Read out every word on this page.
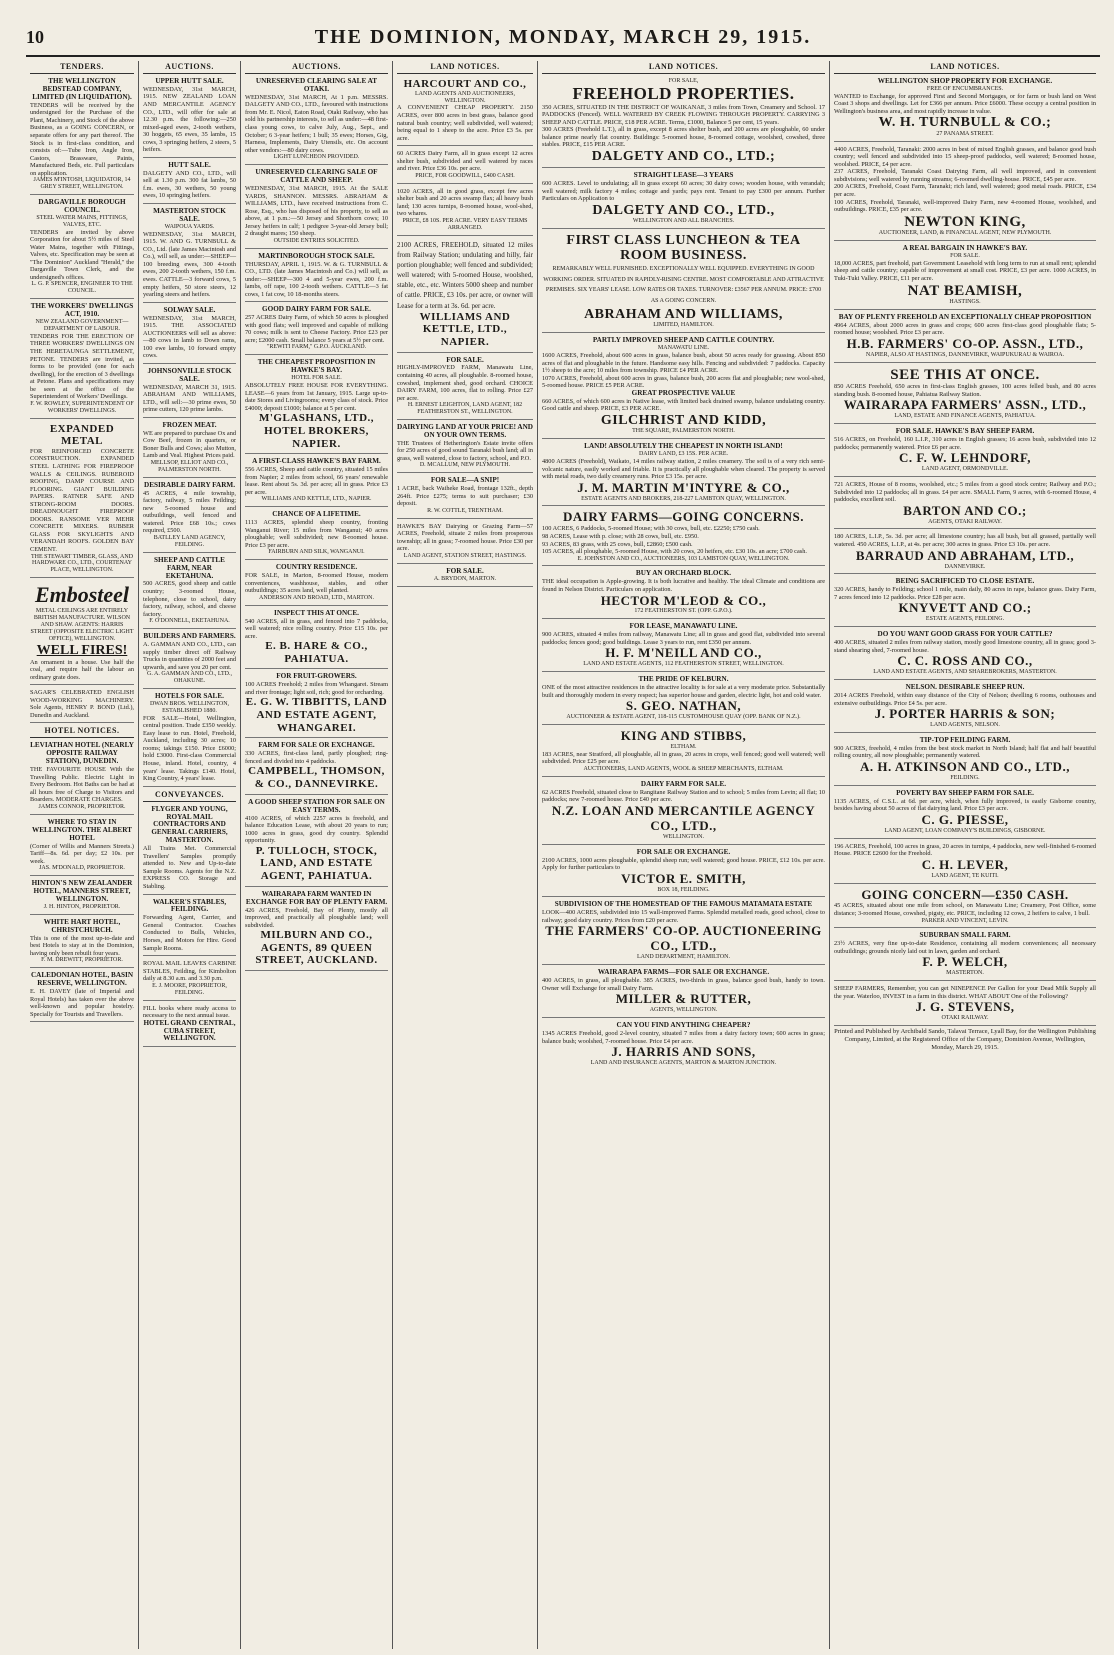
10	THE DOMINION, MONDAY, MARCH 29, 1915.
TENDERS.
THE WELLINGTON BEDSTEAD COMPANY, LIMITED (IN LIQUIDATION).
TENDERS will be received by the undersigned for the Purchase of the Plant, Machinery, and Stock of the above Business, as a GOING CONCERN, or separate offers for any part thereof. The Stock is in first-class condition, and consists of:—Tube Iron, Angle Iron, Castors, Brassware, Paints, Manufactured Beds, etc. Full particulars on application.
JAMES M'INTOSH, LIQUIDATOR, 14 GREY STREET, WELLINGTON.
DARGAVILLE BOROUGH COUNCIL.
STEEL WATER MAINS, FITTINGS, VALVES, ETC.
TENDERS are invited by above Corporation for about 5½ miles of Steel Water Mains, together with Fittings, Valves, etc. Specification may be seen at "The Dominion" Auckland "Herald," the Dargaville Town Clerk, and the undersigned's offices.
L. G. P. SPENCER, ENGINEER TO THE COUNCIL.
THE WORKERS' DWELLINGS ACT, 1910.
NEW ZEALAND GOVERNMENT—DEPARTMENT OF LABOUR.
TENDERS FOR THE ERECTION OF THREE WORKERS' DWELLINGS ON THE HERETAUNGA SETTLEMENT, PETONE. TENDERS are invited, as forms to be provided (one for each dwelling), for the erection of 3 dwellings at Petone. Plans and specifications may be seen at the office of the Superintendent of Workers' Dwellings.
F. W. ROWLEY, SUPERINTENDENT OF WORKERS' DWELLINGS.
EXPANDED METAL
FOR REINFORCED CONCRETE CONSTRUCTION. EXPANDED STEEL LATHING FOR FIREPROOF WALLS & CEILINGS. RUBEROID ROOFING, DAMP COURSE AND FLOORING. GIANT BUILDING PAPERS. RATNER SAFE AND STRONG-ROOM DOORS. DREADNOUGHT FIREPROOF DOORS. RANSOME VER MEHR CONCRETE MIXERS. RUBBER GLASS FOR SKYLIGHTS AND VERANDAH ROOFS. GOLDEN BAY CEMENT.
THE STEWART TIMBER, GLASS, AND HARDWARE CO., LTD., COURTENAY PLACE, WELLINGTON.
Embosteel
METAL CEILINGS ARE ENTIRELY BRITISH MANUFACTURE. WILSON AND SHAW. AGENTS: HARRIS STREET (OPPOSITE ELECTRIC LIGHT OFFICE), WELLINGTON.
WELL FIRES!
An ornament in a house. Use half the coal, and require half the labour an ordinary grate does.
SAGAR'S CELEBRATED ENGLISH WOOD-WORKING MACHINERY. Sole Agents, HENRY P. BOND (Ltd.), Dunedin and Auckland.
HOTEL NOTICES.
LEVIATHAN HOTEL (NEARLY OPPOSITE RAILWAY STATION), DUNEDIN.
THE FAVOURITE HOUSE With the Travelling Public. Electric Light in Every Bedroom. Hot Baths can be had at all hours free of Charge to Visitors and Boarders. MODERATE CHARGES.
JAMES CONNOR, PROPRIETOR.
WHERE TO STAY IN WELLINGTON. THE ALBERT HOTEL
(Corner of Willis and Manners Streets.) Tariff—8s. 6d. per day; £2 10s. per week.
JAS. M'DONALD, PROPRIETOR.
HINTON'S NEW ZEALANDER HOTEL, MANNERS STREET, WELLINGTON.
J. H. HINTON, PROPRIETOR.
WHITE HART HOTEL, CHRISTCHURCH.
This is one of the most up-to-date and best Hotels to stay at in the Dominion, having only been rebuilt four years.
F. M. DREWITT, PROPRIETOR.
CALEDONIAN HOTEL, BASIN RESERVE, WELLINGTON.
E. H. DAVEY (late of Imperial and Royal Hotels) has taken over the above well-known and popular hostelry. Specially for Tourists and Travellers.
AUCTIONS.
UPPER HUTT SALE.
WEDNESDAY, 31st MARCH, 1915. NEW ZEALAND LOAN AND MERCANTILE AGENCY CO., LTD., will offer for sale at 12.30 p.m. the following:—250 mixed-aged ewes, 2-tooth wethers, 30 hoggets, 65 ewes, 35 lambs, 15 cows, 3 springing heifers, 2 steers, 5 heifers.
HUTT SALE.
DALGETY AND CO., LTD., will sell at 1.30 p.m. 300 fat lambs, 50 f.m. ewes, 30 wethers, 50 young ewes, 10 springing heifers.
MASTERTON STOCK SALE.
WAIPOUA YARDS.
WEDNESDAY, 31st MARCH, 1915. W. AND G. TURNBULL & CO., Ltd. (late James Macintosh and Co.), will sell, as under:—SHEEP—100 breeding ewes, 300 4-tooth ewes, 200 2-tooth wethers, 150 f.m. ewes. CATTLE—3 forward cows, 5 empty heifers, 50 store steers, 12 yearling steers and heifers.
SOLWAY SALE.
WEDNESDAY, 31st MARCH, 1915. THE ASSOCIATED AUCTIONEERS will sell as above:—80 cows in lamb to Down rams, 100 ewe lambs, 10 forward empty cows.
JOHNSONVILLE STOCK SALE.
WEDNESDAY, MARCH 31, 1915. ABRAHAM AND WILLIAMS, LTD., will sell:—30 prime ewes, 50 prime cutters, 120 prime lambs.
FROZEN MEAT.
WE are prepared to purchase Ox and Cow Beef, frozen in quarters, or Boner Bulls and Cows; also Mutton, Lamb and Veal. Highest Prices paid.
MELLSOP, ELLIOT AND CO., PALMERSTON NORTH.
DESIRABLE DAIRY FARM.
45 ACRES, 4 mile township, factory, railway, 5 miles Feilding; new 5-roomed house and outbuildings, well fenced and watered. Price £68 10s.; cows required, £500.
BATLLEY LAND AGENCY, FEILDING.
SHEEP AND CATTLE FARM, NEAR EKETAHUNA.
500 ACRES, good sheep and cattle country; 3-roomed House, telephone, close to school, dairy factory, railway, school, and cheese factory.
F. O'DONNELL, EKETAHUNA.
BUILDERS AND FARMERS.
A. GAMMAN AND CO., LTD., can supply timber direct off Railway Trucks in quantities of 2000 feet and upwards, and save you 20 per cent.
G. A. GAMMAN AND CO., LTD., OHAKUNE.
HOTELS FOR SALE.
DWAN BROS. WELLINGTON, ESTABLISHED 1880.
FOR SALE—Hotel, Wellington, central position. Trade £350 weekly. Easy lease to run. Hotel, Freehold, Auckland, including 30 acres; 10 rooms; takings £150. Price £6000; hold £3000. First-class Commercial House, inland. Hotel, country, 4 years' lease. Takings £140. Hotel, King Country, 4 years' lease.
CONVEYANCES.
FLYGER AND YOUNG, ROYAL MAIL CONTRACTORS AND GENERAL CARRIERS, MASTERTON.
All Trains Met. Commercial Travellers' Samples promptly attended to. New and Up-to-date Sample Rooms. Agents for the N.Z. EXPRESS CO. Storage and Stabling.
WALKER'S STABLES, FEILDING.
Forwarding Agent, Carrier, and General Contractor. Coaches Conducted to Bulls, Vehicles, Horses, and Motors for Hire. Good Sample Rooms.
ROYAL MAIL LEAVES CARBINE STABLES, Feilding, for Kimbolton daily at 8.30 a.m. and 3.30 p.m.
E. J. MOORE, PROPRIETOR, FEILDING.
FILL books where ready access to necessary to the next annual issue.
HOTEL GRAND CENTRAL, CUBA STREET, WELLINGTON.
AUCTIONS.
UNRESERVED CLEARING SALE AT OTAKI.
WEDNESDAY, 31st MARCH, At 1 p.m. MESSRS. DALGETY AND CO., LTD., favoured with instructions from Mr. E. Nicol, Eaton Road, Otaki Railway, who has sold his partnership interests, to sell as under:—48 first-class young cows, to calve July, Aug., Sept., and October; 6 3-year heifers; 1 bull; 35 ewes; Horses, Gig, Harness, Implements, Dairy Utensils, etc. On account other vendors:—80 dairy cows.
LIGHT LUNCHEON PROVIDED.
UNRESERVED CLEARING SALE OF CATTLE AND SHEEP.
WEDNESDAY, 31st MARCH, 1915. At the SALE YARDS, SHANNON. MESSRS. ABRAHAM & WILLIAMS, LTD., have received instructions from C. Rose, Esq., who has disposed of his property, to sell as above, at 1 p.m.:—50 Jersey and Shorthorn cows; 10 Jersey heifers in calf; 1 pedigree 3-year-old Jersey bull; 2 draught mares; 150 sheep.
OUTSIDE ENTRIES SOLICITED.
MARTINBOROUGH STOCK SALE.
THURSDAY, APRIL 1, 1915. W. & G. TURNBULL & CO., LTD. (late James Macintosh and Co.) will sell, as under:—SHEEP—300 4 and 5-year ewes, 200 f.m. lambs, off rape, 100 2-tooth wethers. CATTLE—3 fat cows, 1 fat cow, 10 18-months steers.
GOOD DAIRY FARM FOR SALE.
257 ACRES Dairy Farm, of which 50 acres is ploughed with good flats; well improved and capable of milking 70 cows; milk is sent to Cheese Factory. Price £23 per acre; £2000 cash. Small balance 5 years at 5½ per cent.
"REWITI FARM," G.P.O. AUCKLAND.
THE CHEAPEST PROPOSITION IN HAWKE'S BAY.
HOTEL FOR SALE.
ABSOLUTELY FREE HOUSE FOR EVERYTHING. LEASE—6 years from 1st January, 1915. Large up-to-date Stores and Livingrooms; every class of stock. Price £4000; deposit £1000; balance at 5 per cent.
M'GLASHANS, LTD., HOTEL BROKERS, NAPIER.
A FIRST-CLASS HAWKE'S BAY FARM.
556 ACRES, Sheep and cattle country, situated 15 miles from Napier; 2 miles from school, 66 years' renewable lease. Rent about 5s. 3d. per acre; all in grass. Price £3 per acre.
WILLIAMS AND KETTLE, LTD., NAPIER.
CHANCE OF A LIFETIME.
1113 ACRES, splendid sheep country, fronting Wanganui River; 15 miles from Wanganui; 40 acres ploughable; well subdivided; new 8-roomed house. Price £3 per acre.
FAIRBURN AND SILK, WANGANUI.
COUNTRY RESIDENCE.
FOR SALE, in Marton, 8-roomed House, modern conveniences, washhouse, stables, and other outbuildings; 35 acres land, well planted.
ANDERSON AND BROAD, LTD., MARTON.
INSPECT THIS AT ONCE.
540 ACRES, all in grass, and fenced into 7 paddocks, well watered; nice rolling country. Price £15 10s. per acre.
E. B. HARE & CO., PAHIATUA.
FOR FRUIT-GROWERS.
100 ACRES Freehold; 2 miles from Whangarei. Stream and river frontage; light soil, rich; good for orcharding.
E. G. W. TIBBITTS, LAND AND ESTATE AGENT, WHANGAREI.
FARM FOR SALE OR EXCHANGE.
330 ACRES, first-class land, partly ploughed; ring-fenced and divided into 4 paddocks.
CAMPBELL, THOMSON, & CO., DANNEVIRKE.
A GOOD SHEEP STATION FOR SALE ON EASY TERMS.
4100 ACRES, of which 2257 acres is freehold, and balance Education Lease, with about 20 years to run; 1000 acres in grass, good dry country. Splendid opportunity.
P. TULLOCH, STOCK, LAND, AND ESTATE AGENT, PAHIATUA.
WAIRARAPA FARM WANTED IN EXCHANGE FOR BAY OF PLENTY FARM.
426 ACRES, Freehold, Bay of Plenty, mostly all improved, and practically all ploughable land; well subdivided.
MILBURN AND CO., AGENTS, 89 QUEEN STREET, AUCKLAND.
LAND NOTICES.
HARCOURT AND CO.,
LAND AGENTS AND AUCTIONEERS, WELLINGTON.
A CONVENIENT CHEAP PROPERTY. 2150 ACRES, over 800 acres in best grass, balance good natural bush country; well subdivided, well watered; being equal to 1 sheep to the acre. Price £3 5s. per acre.
60 ACRES Dairy Farm, all in grass except 12 acres shelter bush, subdivided and well watered by races and river. Price £36 10s. per acre.
PRICE, FOR GOODWILL, £400 CASH.
1020 ACRES, all in good grass, except few acres shelter bush and 20 acres swamp flax; all heavy bush land; 130 acres turnips, 8-roomed house, wool-shed, two whares.
PRICE, £8 10S. PER ACRE. VERY EASY TERMS ARRANGED.
2100 ACRES, FREEHOLD, situated 12 miles from Railway Station; undulating and hilly, fair portion ploughable; well fenced and subdivided; well watered; with 5-roomed House, woolshed, stable, etc., etc. Winters 5000 sheep and number of cattle. PRICE, £3 10s. per acre, or owner will Lease for a term at 3s. 6d. per acre.
WILLIAMS AND KETTLE, LTD., NAPIER.
FOR SALE.
HIGHLY-IMPROVED FARM, Manawatu Line, containing 40 acres, all ploughable. 8-roomed house, cowshed, implement shed, good orchard. CHOICE DAIRY FARM, 100 acres, flat to rolling. Price £27 per acre.
H. ERNEST LEIGHTON, LAND AGENT, 182 FEATHERSTON ST., WELLINGTON.
DAIRYING LAND AT YOUR PRICE! AND ON YOUR OWN TERMS.
THE Trustees of Hetherington's Estate invite offers for 250 acres of good sound Taranaki bush land; all in grass, well watered, close to factory, school, and P.O.
D. MCALLUM, NEW PLYMOUTH.
FOR SALE—A SNIP!
1 ACRE, back Waiheke Road, frontage 132ft., depth 264ft. Price £275; terms to suit purchaser; £30 deposit.
R. W. COTTLE, TRENTHAM.
HAWKE'S BAY Dairying or Grazing Farm—57 ACRES, Freehold, situate 2 miles from prosperous township; all in grass; 7-roomed house. Price £30 per acre.
LAND AGENT, STATION STREET, HASTINGS.
FOR SALE.
A. BRYDON, MARTON.
LAND NOTICES.
FOR SALE,
FREEHOLD PROPERTIES.
350 ACRES, SITUATED IN THE DISTRICT OF WAIKANAE, 3 miles from Town, Creamery and School. 17 PADDOCKS (Fenced). WELL WATERED BY CREEK FLOWING THROUGH PROPERTY. CARRYING 3 SHEEP AND CATTLE. PRICE, £18 PER ACRE. Terms, £1000, Balance 5 per cent, 15 years.
300 ACRES (Freehold L.T.), all in grass, except 8 acres shelter bush, and 200 acres are ploughable, 60 under balance prime nearly flat country. Buildings: 5-roomed house, 8-roomed cottage, woolshed, cowshed, three stables. PRICE, £15 PER ACRE.
DALGETY AND CO., LTD.;
STRAIGHT LEASE—3 YEARS
600 ACRES. Level to undulating; all in grass except 60 acres; 30 dairy cows; wooden house, with verandah; well watered; milk factory 4 miles; cottage and yards; pays rent. Tenant to pay £300 per annum. Further Particulars on Application to
DALGETY AND CO., LTD.,
WELLINGTON AND ALL BRANCHES.
FIRST CLASS LUNCHEON & TEA ROOM BUSINESS.
REMARKABLY WELL FURNISHED. EXCEPTIONALLY WELL EQUIPPED. EVERYTHING IN GOOD WORKING ORDER. SITUATED IN RAPIDLY-RISING CENTRE. MOST COMFORTABLE AND ATTRACTIVE PREMISES. SIX YEARS' LEASE. LOW RATES OR TAXES. TURNOVER: £3567 PER ANNUM. PRICE: £700 AS A GOING CONCERN.
ABRAHAM AND WILLIAMS,
LIMITED, HAMILTON.
PARTLY IMPROVED SHEEP AND CATTLE COUNTRY.
MANAWATU LINE.
1600 ACRES, Freehold, about 600 acres in grass, balance bush, about 50 acres ready for grassing. About 850 acres of flat and ploughable in the future. Handsome easy hills. Fencing and subdivided: 7 paddocks. Capacity 1½ sheep to the acre; 10 miles from township. PRICE £4 PER ACRE.
1070 ACRES, Freehold, about 600 acres in grass, balance bush, 200 acres flat and ploughable; new wool-shed, 5-roomed house. PRICE £5 PER ACRE.
GREAT PROSPECTIVE VALUE
660 ACRES, of which 600 acres in Native lease, with limited back drained swamp, balance undulating country. Good cattle and sheep. PRICE, £3 PER ACRE.
GILCHRIST AND KIDD,
THE SQUARE, PALMERSTON NORTH.
LAND! ABSOLUTELY THE CHEAPEST IN NORTH ISLAND!
DAIRY LAND, £3 15S. PER ACRE.
4800 ACRES (Freehold), Waikato, 14 miles railway station, 2 miles creamery. The soil is of a very rich semi-volcanic nature, easily worked and friable. It is practically all ploughable when cleared. The property is served with metal roads, two daily creamery runs. Price £3 15s. per acre.
J. M. MARTIN M'INTYRE & CO.,
ESTATE AGENTS AND BROKERS, 218-227 LAMBTON QUAY, WELLINGTON.
DAIRY FARMS—GOING CONCERNS.
100 ACRES, 6 Paddocks, 5-roomed House; with 30 cows, bull, etc. £2250; £750 cash.
98 ACRES, Lease with p. close; with 28 cows, bull, etc. £950.
93 ACRES, 83 grass, with 25 cows, bull, £2860; £500 cash.
105 ACRES, all ploughable, 5-roomed House, with 20 cows, 20 heifers, etc. £30 10s. an acre; £700 cash.
E. JOHNSTON AND CO., AUCTIONEERS, 103 LAMBTON QUAY, WELLINGTON.
BUY AN ORCHARD BLOCK.
THE ideal occupation is Apple-growing. It is both lucrative and healthy. The ideal Climate and conditions are found in Nelson District. Particulars on application.
HECTOR M'LEOD & CO.,
172 FEATHERSTON ST. (OPP. G.P.O.).
FOR LEASE, MANAWATU LINE.
900 ACRES, situated 4 miles from railway, Manawatu Line; all in grass and good flat, subdivided into several paddocks; fences good; good buildings. Lease 3 years to run, rent £350 per annum.
H. F. M'NEILL AND CO.,
LAND AND ESTATE AGENTS, 112 FEATHERSTON STREET, WELLINGTON.
THE PRIDE OF KELBURN.
ONE of the most attractive residences in the attractive locality is for sale at a very moderate price. Substantially built and thoroughly modern in every respect; has superior house and garden, electric light, hot and cold water.
S. GEO. NATHAN,
AUCTIONEER & ESTATE AGENT, 118-115 CUSTOMHOUSE QUAY (OPP. BANK OF N.Z.).
KING AND STIBBS,
ELTHAM.
183 ACRES, near Stratford, all ploughable, all in grass, 20 acres in crops, well fenced; good well watered; well subdivided. Price £25 per acre.
AUCTIONEERS, LAND AGENTS, WOOL & SHEEP MERCHANTS, ELTHAM.
DAIRY FARM FOR SALE.
62 ACRES Freehold, situated close to Rangitane Railway Station and to school; 5 miles from Levin; all flat; 10 paddocks; new 7-roomed house. Price £40 per acre.
N.Z. LOAN AND MERCANTILE AGENCY CO., LTD.,
WELLINGTON.
FOR SALE OR EXCHANGE.
2100 ACRES, 1000 acres ploughable, splendid sheep run; well watered; good house. PRICE, £12 10s. per acre. Apply for further particulars to
VICTOR E. SMITH,
BOX 18, FEILDING.
SUBDIVISION OF THE HOMESTEAD OF THE FAMOUS MATAMATA ESTATE
LOOK—400 ACRES, subdivided into 15 wall-improved Farms. Splendid metalled roads, good school, close to railway; good dairy country. Prices from £20 per acre.
THE FARMERS' CO-OP. AUCTIONEERING CO., LTD.,
LAND DEPARTMENT, HAMILTON.
WAIRARAPA FARMS—FOR SALE OR EXCHANGE.
400 ACRES, in grass, all ploughable. 385 ACRES, two-thirds in grass, balance good bush, handy to town. Owner will Exchange for small Dairy Farm.
MILLER & RUTTER,
AGENTS, WELLINGTON.
CAN YOU FIND ANYTHING CHEAPER?
1345 ACRES Freehold, good 2-level country, situated 7 miles from a dairy factory town; 600 acres in grass; balance bush; woolshed, 7-roomed house. Price £4 per acre.
J. HARRIS AND SONS,
LAND AND INSURANCE AGENTS, MARTON & MARTON JUNCTION.
LAND NOTICES.
WELLINGTON SHOP PROPERTY FOR EXCHANGE.
FREE OF ENCUMBRANCES.
WANTED to Exchange, for approved First and Second Mortgages, or for farm or bush land on West Coast 3 shops and dwellings. Let for £366 per annum. Price £6000. These occupy a central position in Wellington's business area, and most rapidly increase in value.
W. H. TURNBULL & CO.;
27 PANAMA STREET.
4400 ACRES, Freehold, Taranaki: 2000 acres in best of mixed English grasses, and balance good bush country; well fenced and subdivided into 15 sheep-proof paddocks, well watered; 8-roomed house, woolshed. PRICE, £4 per acre.
237 ACRES, Freehold, Taranaki Coast Dairying Farm, all well improved, and in convenient subdivisions; well watered by running streams; 6-roomed dwelling-house. PRICE, £45 per acre.
200 ACRES, Freehold, Coast Farm, Taranaki; rich land, well watered; good metal roads. PRICE, £34 per acre.
100 ACRES, Freehold, Taranaki, well-improved Dairy Farm, new 4-roomed House, woolshed, and outbuildings. PRICE, £35 per acre.
NEWTON KING,
AUCTIONEER, LAND, & FINANCIAL AGENT, NEW PLYMOUTH.
A REAL BARGAIN IN HAWKE'S BAY.
FOR SALE.
18,000 ACRES, part freehold, part Government Leasehold with long term to run at small rent; splendid sheep and cattle country; capable of improvement at small cost. PRICE, £3 per acre. 1000 ACRES, in Tuki-Tuki Valley. PRICE, £11 per acre.
NAT BEAMISH,
HASTINGS.
BAY OF PLENTY FREEHOLD AN EXCEPTIONALLY CHEAP PROPOSITION
4964 ACRES, about 2000 acres in grass and crops; 600 acres first-class good ploughable flats; 5-roomed house; woolshed. Price £3 per acre.
H.B. FARMERS' CO-OP. ASSN., LTD.,
NAPIER, ALSO AT HASTINGS, DANNEVIRKE, WAIPUKURAU & WAIROA.
SEE THIS AT ONCE.
850 ACRES Freehold, 650 acres in first-class English grasses, 100 acres felled bush, and 80 acres standing bush. 8-roomed house, Pahiatua Railway Station.
WAIRARAPA FARMERS' ASSN., LTD.,
LAND, ESTATE AND FINANCE AGENTS, PAHIATUA.
FOR SALE. HAWKE'S BAY SHEEP FARM.
516 ACRES, on Freehold, 160 L.I.P., 310 acres in English grasses; 16 acres bush, subdivided into 12 paddocks; permanently watered. Price £6 per acre.
C. F. W. LEHNDORF,
LAND AGENT, ORMONDVILLE.
721 ACRES, House of 8 rooms, woolshed, etc.; 5 miles from a good stock centre; Railway and P.O.; Subdivided into 12 paddocks; all in grass. £4 per acre. SMALL Farm, 9 acres, with 6-roomed House, 4 paddocks, excellent soil.
BARTON AND CO.;
AGENTS, OTAKI RAILWAY.
180 ACRES, L.I.P., 5s. 3d. per acre; all limestone country; has all bush, but all grassed, partially well watered. 450 ACRES, L.I.P., at 4s. per acre; 300 acres in grass. Price £3 10s. per acre.
BARRAUD AND ABRAHAM, LTD.,
DANNEVIRKE.
BEING SACRIFICED TO CLOSE ESTATE.
320 ACRES, handy to Feilding; school 1 mile, main daily, 80 acres in rape, balance grass. Dairy Farm, 7 acres fenced into 12 paddocks. Price £28 per acre.
KNYVETT AND CO.;
ESTATE AGENTS, FEILDING.
DO YOU WANT GOOD GRASS FOR YOUR CATTLE?
400 ACRES, situated 2 miles from railway station, mostly good limestone country, all in grass; good 3-stand shearing shed, 7-roomed house.
C. C. ROSS AND CO.,
LAND AND ESTATE AGENTS, AND SHAREBROKERS, MASTERTON.
NELSON. DESIRABLE SHEEP RUN.
2014 ACRES Freehold, within easy distance of the City of Nelson; dwelling 6 rooms, outhouses and extensive outbuildings. Price £4 5s. per acre.
J. PORTER HARRIS & SON;
LAND AGENTS, NELSON.
TIP-TOP FEILDING FARM.
900 ACRES, freehold, 4 miles from the best stock market in North Island; half flat and half beautiful rolling country, all now ploughable; permanently watered.
A. H. ATKINSON AND CO., LTD.,
FEILDING.
POVERTY BAY SHEEP FARM FOR SALE.
1135 ACRES, of C.S.L. at 6d. per acre, which, when fully improved, is easily Gisborne country, besides having about 50 acres of flat dairying land. Price £3 per acre.
C. G. PIESSE,
LAND AGENT, LOAN COMPANY'S BUILDINGS, GISBORNE.
196 ACRES, Freehold, 100 acres in grass, 20 acres in turnips, 4 paddocks, new well-finished 6-roomed House. PRICE £2600 for the Freehold.
C. H. LEVER,
LAND AGENT, TE KUITI.
GOING CONCERN—£350 CASH.
45 ACRES, situated about one mile from school, on Manawatu Line; Creamery, Post Office, some distance; 3-roomed House, cowshed, pigsty, etc. PRICE, including 12 cows, 2 heifers to calve, 1 bull.
PARKER AND VINCENT, LEVIN.
SUBURBAN SMALL FARM.
23½ ACRES, very fine up-to-date Residence, containing all modern conveniences; all necessary outbuildings; grounds nicely laid out in lawn, garden and orchard.
F. P. WELCH,
MASTERTON.
SHEEP FARMERS, Remember, you can get NINEPENCE Per Gallon for your Dead Milk Supply all the year. Waterloo, INVEST in a farm in this district. WHAT ABOUT One of the Following?
J. G. STEVENS,
OTAKI RAILWAY.
Printed and Published by Archibald Sando, Talavai Terrace, Lyall Bay, for the Wellington Publishing Company, Limited, at the Registered Office of the Company, Dominion Avenue, Wellington, Monday, March 29, 1915.
